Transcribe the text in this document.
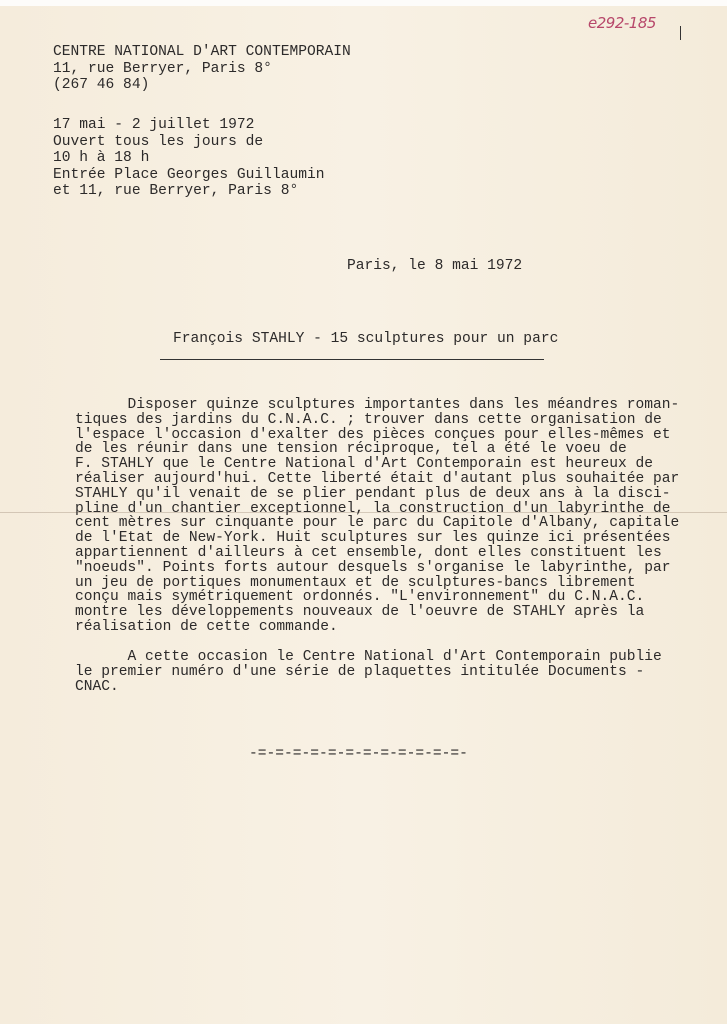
e292-185
CENTRE NATIONAL D'ART CONTEMPORAIN
11, rue Berryer, Paris 8°
(267 46 84)
17 mai - 2 juillet 1972
Ouvert tous les jours de
10 h à 18 h
Entrée Place Georges Guillaumin
et 11, rue Berryer, Paris 8°
Paris, le 8 mai 1972
François STAHLY - 15 sculptures pour un parc
Disposer quinze sculptures importantes dans les méandres roman-
tiques des jardins du C.N.A.C. ; trouver dans cette organisation de
l'espace l'occasion d'exalter des pièces conçues pour elles-mêmes et
de les réunir dans une tension réciproque, tel a été le voeu de
F. STAHLY que le Centre National d'Art Contemporain est heureux de
réaliser aujourd'hui. Cette liberté était d'autant plus souhaitée par
STAHLY qu'il venait de se plier pendant plus de deux ans à la disci-
pline d'un chantier exceptionnel, la construction d'un labyrinthe de
cent mètres sur cinquante pour le parc du Capitole d'Albany, capitale
de l'Etat de New-York. Huit sculptures sur les quinze ici présentées
appartiennent d'ailleurs à cet ensemble, dont elles constituent les
"noeuds". Points forts autour desquels s'organise le labyrinthe, par
un jeu de portiques monumentaux et de sculptures-bancs librement
conçu mais symétriquement ordonnés. "L'environnement" du C.N.A.C.
montre les développements nouveaux de l'oeuvre de STAHLY après la
réalisation de cette commande.
A cette occasion le Centre National d'Art Contemporain publie
le premier numéro d'une série de plaquettes intitulée Documents -
CNAC.
-=-=-=-=-=-=-=-=-=-=-=-=-
